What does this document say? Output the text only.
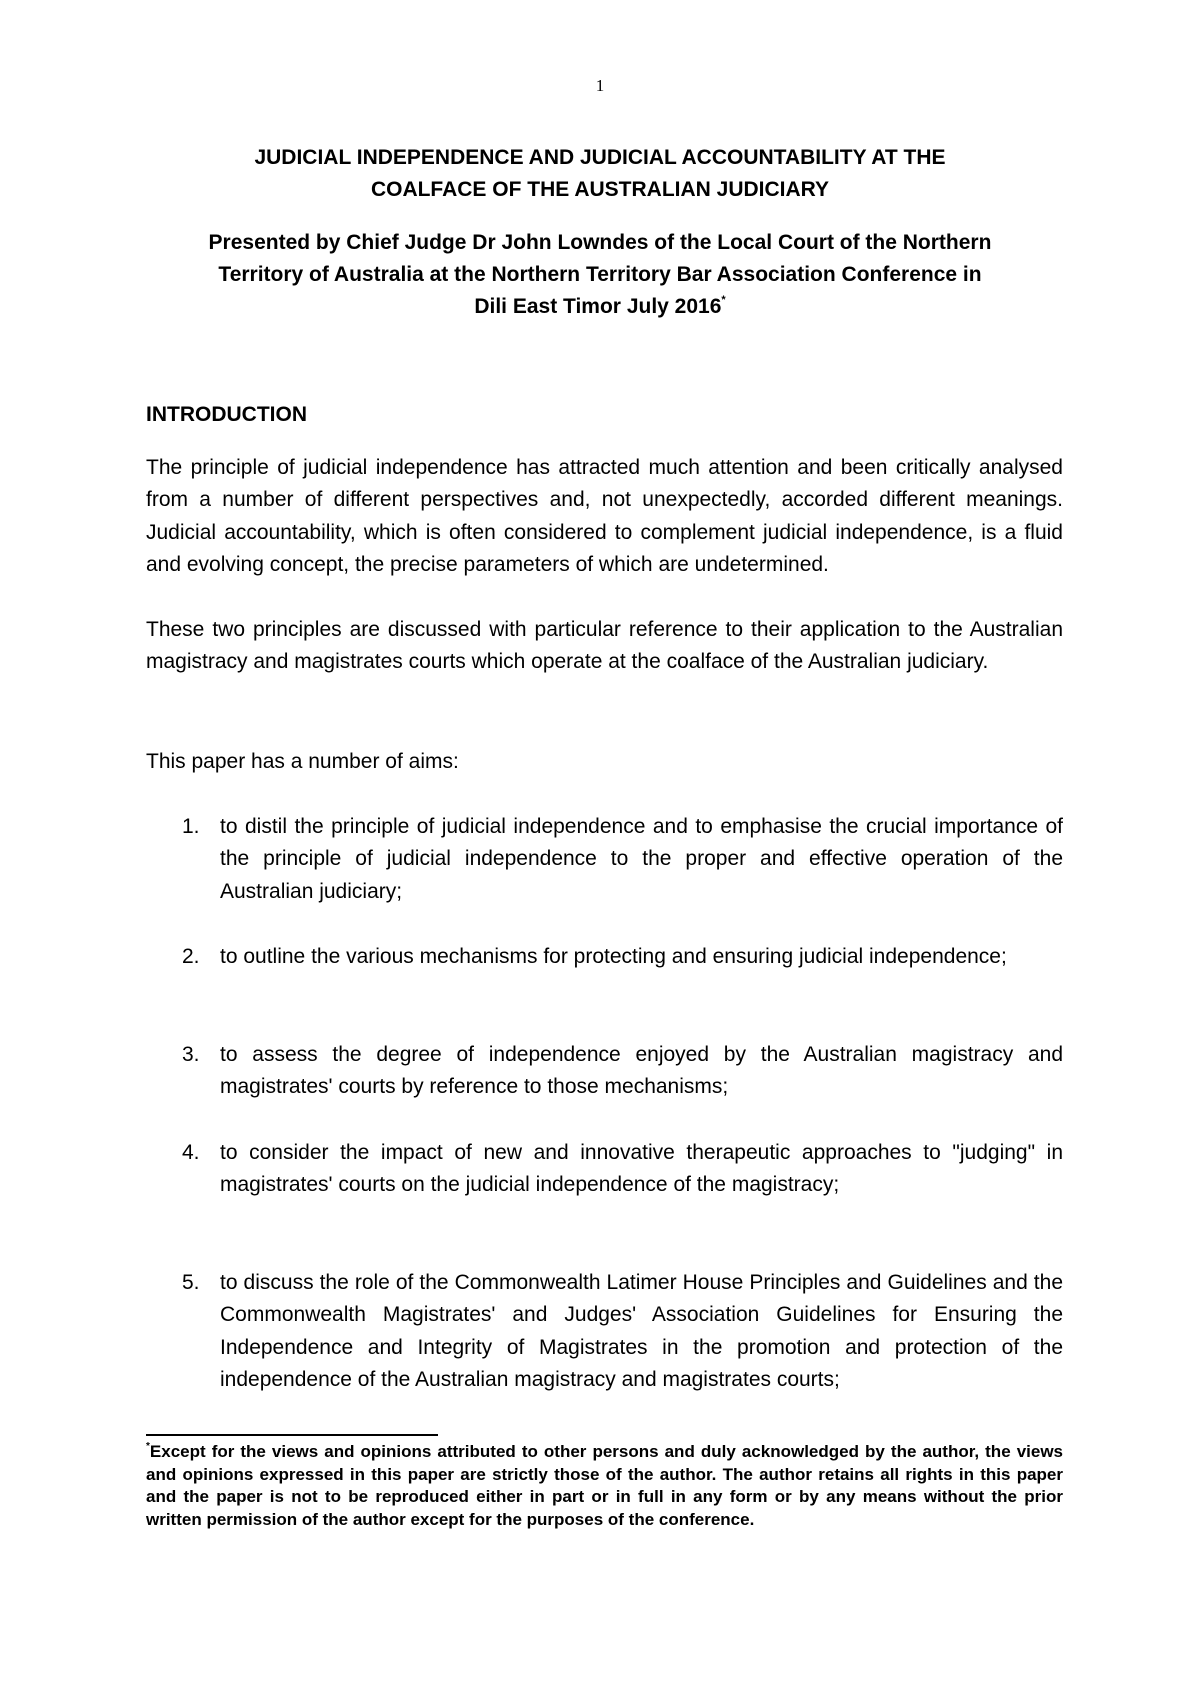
1
JUDICIAL INDEPENDENCE AND JUDICIAL ACCOUNTABILITY AT THE
COALFACE OF THE AUSTRALIAN JUDICIARY
Presented by Chief Judge Dr John Lowndes of the Local Court of the Northern
Territory of Australia at the Northern Territory Bar Association Conference in
Dili East Timor July 2016*
INTRODUCTION
The principle of judicial independence has attracted much attention and been critically analysed from a number of different perspectives and, not unexpectedly, accorded different meanings. Judicial accountability, which is often considered to complement judicial independence, is a fluid and evolving concept, the precise parameters of which are undetermined.
These two principles are discussed with particular reference to their application to the Australian magistracy and magistrates courts which operate at the coalface of the Australian judiciary.
This paper has a number of aims:
1. to distil the principle of judicial independence and to emphasise the crucial importance of the principle of judicial independence to the proper and effective operation of the Australian judiciary;
2. to outline the various mechanisms for protecting and ensuring judicial independence;
3. to assess the degree of independence enjoyed by the Australian magistracy and magistrates' courts by reference to those mechanisms;
4. to consider the impact of new and innovative therapeutic approaches to "judging" in magistrates' courts on the judicial independence of the magistracy;
5. to discuss the role of the Commonwealth Latimer House Principles and Guidelines and the Commonwealth Magistrates' and Judges' Association Guidelines for Ensuring the Independence and Integrity of Magistrates in the promotion and protection of the independence of the Australian magistracy and magistrates courts;
*Except for the views and opinions attributed to other persons and duly acknowledged by the author, the views and opinions expressed in this paper are strictly those of the author. The author retains all rights in this paper and the paper is not to be reproduced either in part or in full in any form or by any means without the prior written permission of the author except for the purposes of the conference.
